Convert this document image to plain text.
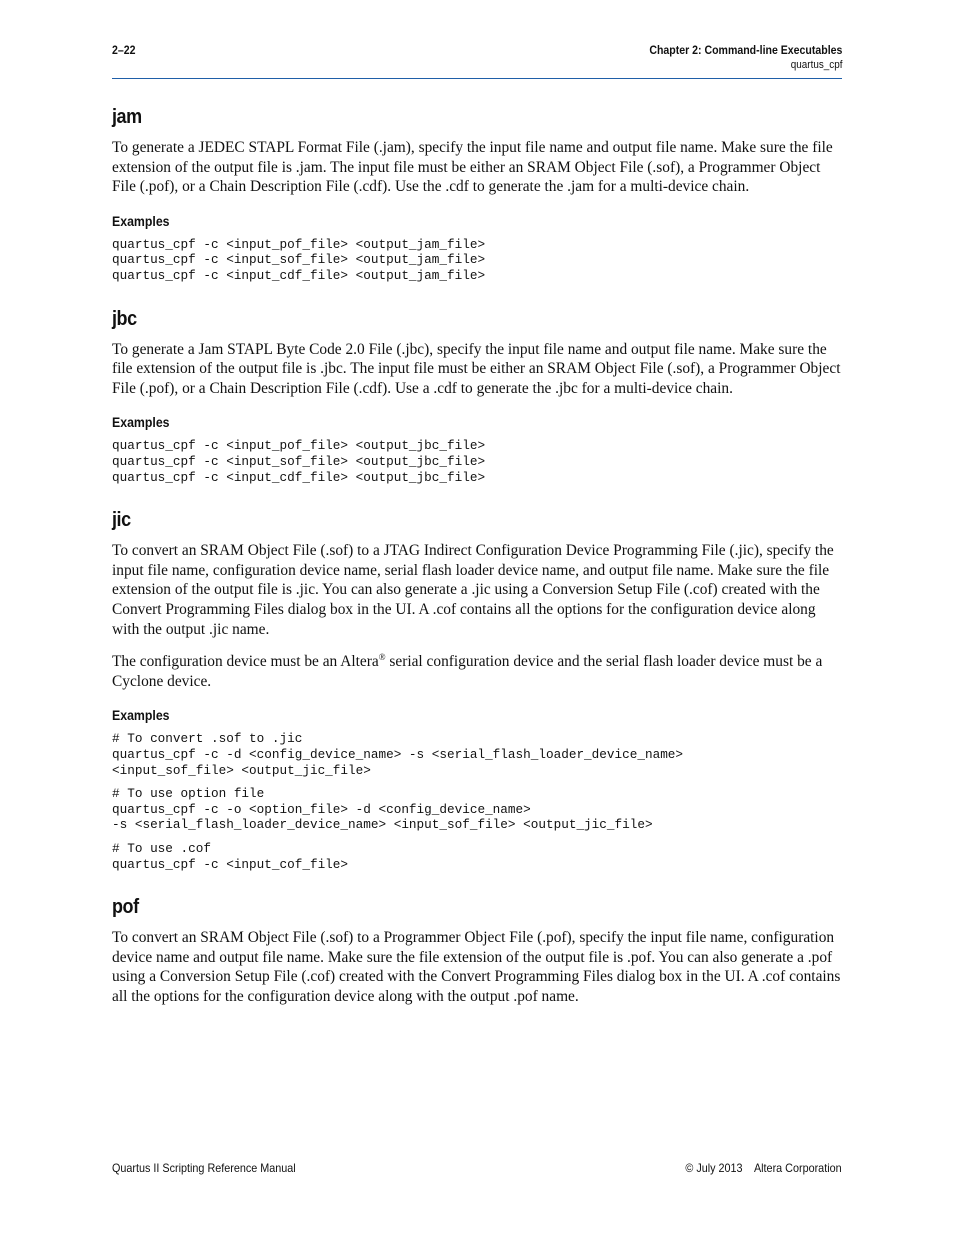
2–22	Chapter 2: Command-line Executables
quartus_cpf
jam

To generate a JEDEC STAPL Format File (.jam), specify the input file name and output file name. Make sure the file extension of the output file is .jam. The input file must be either an SRAM Object File (.sof), a Programmer Object File (.pof), or a Chain Description File (.cdf). Use the .cdf to generate the .jam for a multi-device chain.

Examples
quartus_cpf -c <input_pof_file> <output_jam_file>
quartus_cpf -c <input_sof_file> <output_jam_file>
quartus_cpf -c <input_cdf_file> <output_jam_file>
jbc

To generate a Jam STAPL Byte Code 2.0 File (.jbc), specify the input file name and output file name. Make sure the file extension of the output file is .jbc. The input file must be either an SRAM Object File (.sof), a Programmer Object File (.pof), or a Chain Description File (.cdf). Use a .cdf to generate the .jbc for a multi-device chain.

Examples
quartus_cpf -c <input_pof_file> <output_jbc_file>
quartus_cpf -c <input_sof_file> <output_jbc_file>
quartus_cpf -c <input_cdf_file> <output_jbc_file>
jic

To convert an SRAM Object File (.sof) to a JTAG Indirect Configuration Device Programming File (.jic), specify the input file name, configuration device name, serial flash loader device name, and output file name. Make sure the file extension of the output file is .jic. You can also generate a .jic using a Conversion Setup File (.cof) created with the Convert Programming Files dialog box in the UI. A .cof contains all the options for the configuration device along with the output .jic name.

The configuration device must be an Altera® serial configuration device and the serial flash loader device must be a Cyclone device.

Examples
# To convert .sof to .jic
quartus_cpf -c -d <config_device_name> -s <serial_flash_loader_device_name>
<input_sof_file> <output_jic_file>
# To use option file
quartus_cpf -c -o <option_file> -d <config_device_name>
-s <serial_flash_loader_device_name> <input_sof_file> <output_jic_file>
# To use .cof
quartus_cpf -c <input_cof_file>
pof

To convert an SRAM Object File (.sof) to a Programmer Object File (.pof), specify the input file name, configuration device name and output file name. Make sure the file extension of the output file is .pof. You can also generate a .pof using a Conversion Setup File (.cof) created with the Convert Programming Files dialog box in the UI. A .cof contains all the options for the configuration device along with the output .pof name.

Quartus II Scripting Reference Manual	© July 2013    Altera Corporation
